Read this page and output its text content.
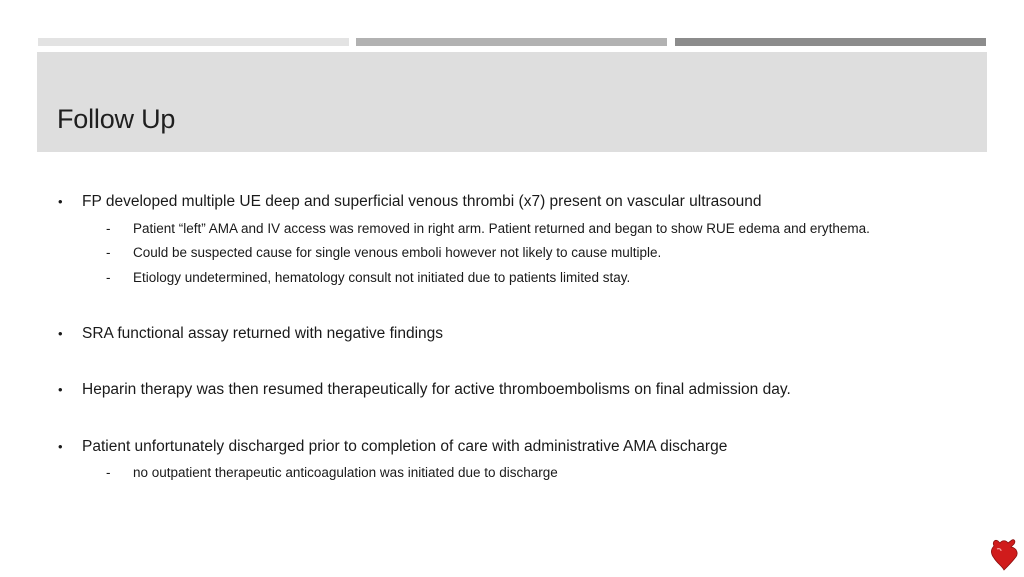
Follow Up
• FP developed multiple UE deep and superficial venous thrombi (x7) present on vascular ultrasound
- Patient “left” AMA and IV access was removed in right arm. Patient returned and began to show RUE edema and erythema.
- Could be suspected cause for single venous emboli however not likely to cause multiple.
- Etiology undetermined, hematology consult not initiated due to patients limited stay.
• SRA functional assay returned with negative findings
• Heparin therapy was then resumed therapeutically for active thromboembolisms on final admission day.
• Patient unfortunately discharged prior to completion of care with administrative AMA discharge
- no outpatient therapeutic anticoagulation was initiated due to discharge
